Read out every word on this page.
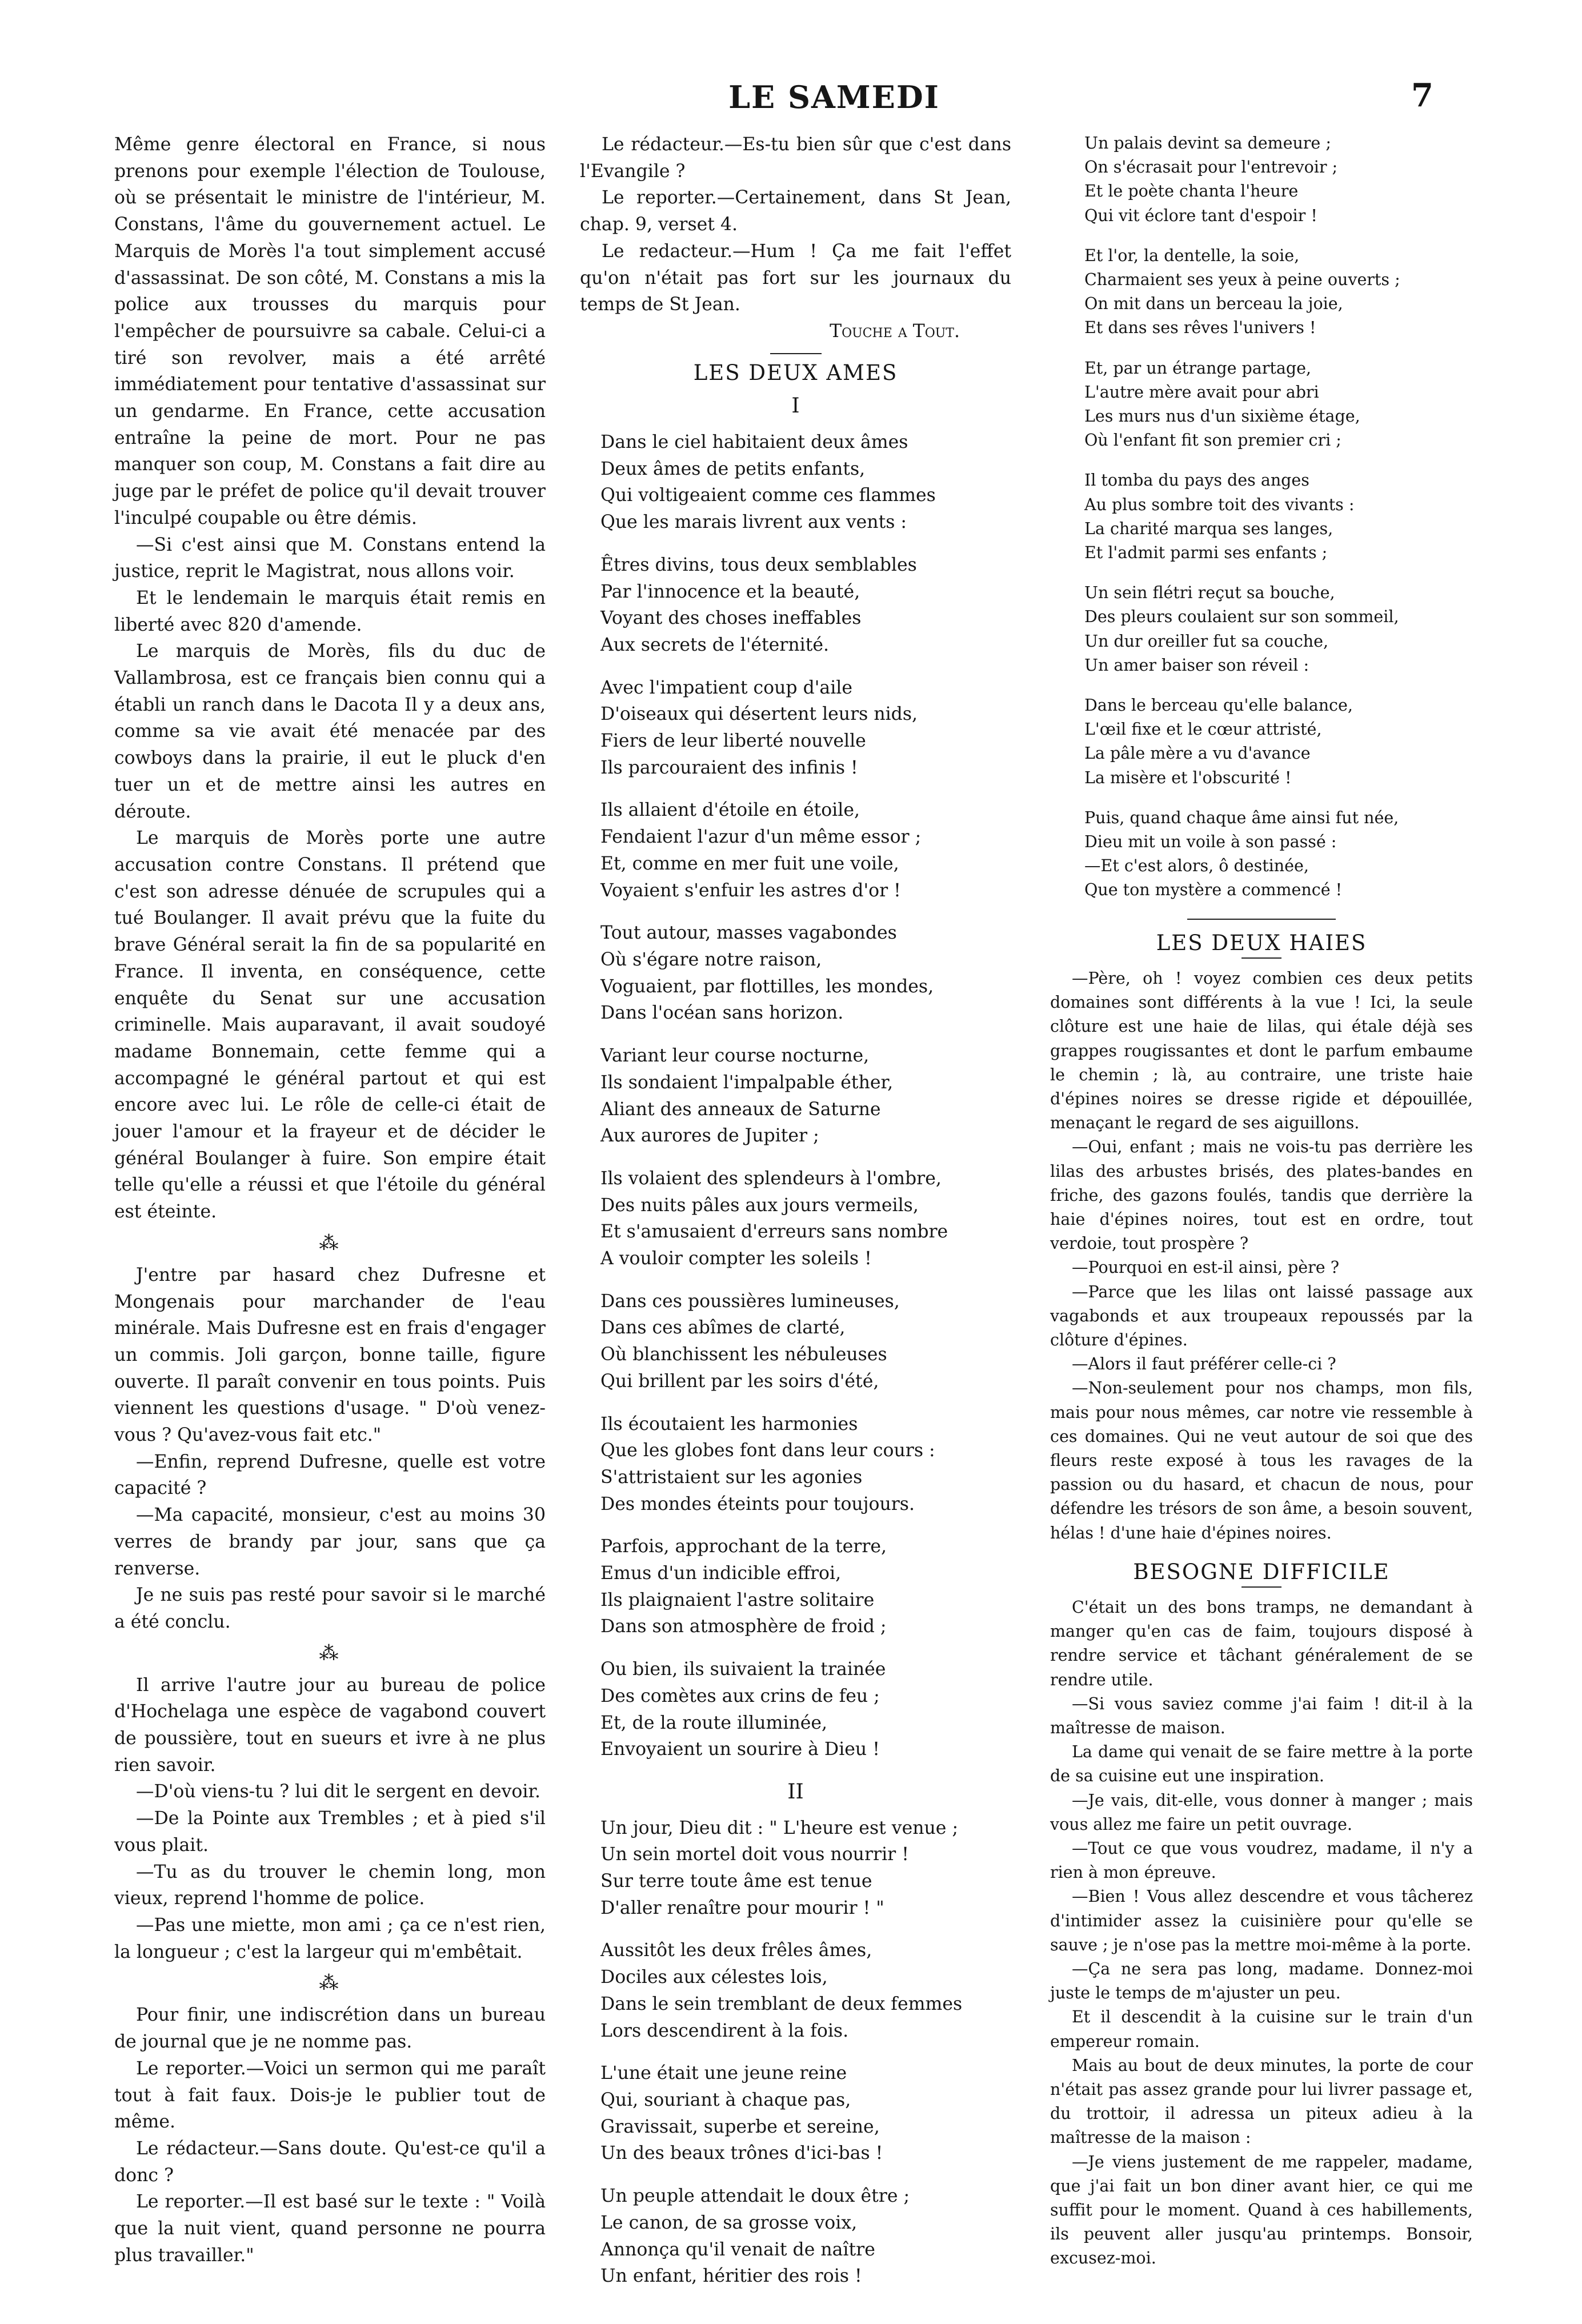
LE SAMEDI	7

Même genre électoral en France, si nous prenons pour exemple l'élection de Toulouse, où se présentait le ministre de l'intérieur, M. Constans, l'âme du gouvernement actuel. Le Marquis de Morès l'a tout simplement accusé d'assassinat. De son côté, M. Constans a mis la police aux trousses du marquis pour l'empêcher de poursuivre sa cabale. Celui-ci a tiré son revolver, mais a été arrêté immédiatement pour tentative d'assassinat sur un gendarme. En France, cette accusation entraîne la peine de mort. Pour ne pas manquer son coup, M. Constans a fait dire au juge par le préfet de police qu'il devait trouver l'inculpé coupable ou être démis.

—Si c'est ainsi que M. Constans entend la justice, reprit le Magistrat, nous allons voir.

Et le lendemain le marquis était remis en liberté avec 820 d'amende.

Le marquis de Morès, fils du duc de Vallambrosa, est ce français bien connu qui a établi un ranch dans le Dacota Il y a deux ans, comme sa vie avait été menacée par des cowboys dans la prairie, il eut le pluck d'en tuer un et de mettre ainsi les autres en déroute.

Le marquis de Morès porte une autre accusation contre Constans. Il prétend que c'est son adresse dénuée de scrupules qui a tué Boulanger. Il avait prévu que la fuite du brave Général serait la fin de sa popularité en France. Il inventa, en conséquence, cette enquête du Senat sur une accusation criminelle. Mais auparavant, il avait soudoyé madame Bonnemain, cette femme qui a accompagné le général partout et qui est encore avec lui. Le rôle de celle-ci était de jouer l'amour et la frayeur et de décider le général Boulanger à fuire. Son empire était telle qu'elle a réussi et que l'étoile du général est éteinte.

⁂

J'entre par hasard chez Dufresne et Mongenais pour marchander de l'eau minérale. Mais Dufresne est en frais d'engager un commis. Joli garçon, bonne taille, figure ouverte. Il paraît convenir en tous points. Puis viennent les questions d'usage. " D'où venez-vous ? Qu'avez-vous fait etc."

—Enfin, reprend Dufresne, quelle est votre capacité ?

—Ma capacité, monsieur, c'est au moins 30 verres de brandy par jour, sans que ça renverse.

Je ne suis pas resté pour savoir si le marché a été conclu.

⁂

Il arrive l'autre jour au bureau de police d'Hochelaga une espèce de vagabond couvert de poussière, tout en sueurs et ivre à ne plus rien savoir.

—D'où viens-tu ? lui dit le sergent en devoir.

—De la Pointe aux Trembles ; et à pied s'il vous plait.

—Tu as du trouver le chemin long, mon vieux, reprend l'homme de police.

—Pas une miette, mon ami ; ça ce n'est rien, la longueur ; c'est la largeur qui m'embêtait.

⁂

Pour finir, une indiscrétion dans un bureau de journal que je ne nomme pas.

Le reporter.—Voici un sermon qui me paraît tout à fait faux. Dois-je le publier tout de même.

Le rédacteur.—Sans doute. Qu'est-ce qu'il a donc ?

Le reporter.—Il est basé sur le texte : " Voilà que la nuit vient, quand personne ne pourra plus travailler."

Le rédacteur.—Es-tu bien sûr que c'est dans l'Evangile ?

Le reporter.—Certainement, dans St Jean, chap. 9, verset 4.

Le redacteur.—Hum ! Ça me fait l'effet qu'on n'était pas fort sur les journaux du temps de St Jean.

Touche a Tout.

LES DEUX AMES
I
Dans le ciel habitaient deux âmes
Deux âmes de petits enfants,
Qui voltigeaient comme ces flammes
Que les marais livrent aux vents :
Êtres divins, tous deux semblables
Par l'innocence et la beauté,
Voyant des choses ineffables
Aux secrets de l'éternité.
Avec l'impatient coup d'aile
D'oiseaux qui désertent leurs nids,
Fiers de leur liberté nouvelle
Ils parcouraient des infinis !
Ils allaient d'étoile en étoile,
Fendaient l'azur d'un même essor ;
Et, comme en mer fuit une voile,
Voyaient s'enfuir les astres d'or !
Tout autour, masses vagabondes
Où s'égare notre raison,
Voguaient, par flottilles, les mondes,
Dans l'océan sans horizon.
Variant leur course nocturne,
Ils sondaient l'impalpable éther,
Aliant des anneaux de Saturne
Aux aurores de Jupiter ;
Ils volaient des splendeurs à l'ombre,
Des nuits pâles aux jours vermeils,
Et s'amusaient d'erreurs sans nombre
A vouloir compter les soleils !
Dans ces poussières lumineuses,
Dans ces abîmes de clarté,
Où blanchissent les nébuleuses
Qui brillent par les soirs d'été,
Ils écoutaient les harmonies
Que les globes font dans leur cours :
S'attristaient sur les agonies
Des mondes éteints pour toujours.
Parfois, approchant de la terre,
Emus d'un indicible effroi,
Ils plaignaient l'astre solitaire
Dans son atmosphère de froid ;
Ou bien, ils suivaient la trainée
Des comètes aux crins de feu ;
Et, de la route illuminée,
Envoyaient un sourire à Dieu !
II
Un jour, Dieu dit : " L'heure est venue ;
Un sein mortel doit vous nourrir !
Sur terre toute âme est tenue
D'aller renaître pour mourir ! "
Aussitôt les deux frêles âmes,
Dociles aux célestes lois,
Dans le sein tremblant de deux femmes
Lors descendirent à la fois.
L'une était une jeune reine
Qui, souriant à chaque pas,
Gravissait, superbe et sereine,
Un des beaux trônes d'ici-bas !
Un peuple attendait le doux être ;
Le canon, de sa grosse voix,
Annonça qu'il venait de naître
Un enfant, héritier des rois !
Un palais devint sa demeure ;
On s'écrasait pour l'entrevoir ;
Et le poète chanta l'heure
Qui vit éclore tant d'espoir !
Et l'or, la dentelle, la soie,
Charmaient ses yeux à peine ouverts ;
On mit dans un berceau la joie,
Et dans ses rêves l'univers !
Et, par un étrange partage,
L'autre mère avait pour abri
Les murs nus d'un sixième étage,
Où l'enfant fit son premier cri ;
Il tomba du pays des anges
Au plus sombre toit des vivants :
La charité marqua ses langes,
Et l'admit parmi ses enfants ;
Un sein flétri reçut sa bouche,
Des pleurs coulaient sur son sommeil,
Un dur oreiller fut sa couche,
Un amer baiser son réveil :
Dans le berceau qu'elle balance,
L'œil fixe et le cœur attristé,
La pâle mère a vu d'avance
La misère et l'obscurité !
Puis, quand chaque âme ainsi fut née,
Dieu mit un voile à son passé :
—Et c'est alors, ô destinée,
Que ton mystère a commencé !
LES DEUX HAIES

—Père, oh ! voyez combien ces deux petits domaines sont différents à la vue ! Ici, la seule clôture est une haie de lilas, qui étale déjà ses grappes rougissantes et dont le parfum embaume le chemin ; là, au contraire, une triste haie d'épines noires se dresse rigide et dépouillée, menaçant le regard de ses aiguillons.

—Oui, enfant ; mais ne vois-tu pas derrière les lilas des arbustes brisés, des plates-bandes en friche, des gazons foulés, tandis que derrière la haie d'épines noires, tout est en ordre, tout verdoie, tout prospère ?

—Pourquoi en est-il ainsi, père ?

—Parce que les lilas ont laissé passage aux vagabonds et aux troupeaux repoussés par la clôture d'épines.

—Alors il faut préférer celle-ci ?

—Non-seulement pour nos champs, mon fils, mais pour nous mêmes, car notre vie ressemble à ces domaines. Qui ne veut autour de soi que des fleurs reste exposé à tous les ravages de la passion ou du hasard, et chacun de nous, pour défendre les trésors de son âme, a besoin souvent, hélas ! d'une haie d'épines noires.

BESOGNE DIFFICILE

C'était un des bons tramps, ne demandant à manger qu'en cas de faim, toujours disposé à rendre service et tâchant généralement de se rendre utile.

—Si vous saviez comme j'ai faim ! dit-il à la maîtresse de maison.

La dame qui venait de se faire mettre à la porte de sa cuisine eut une inspiration.

—Je vais, dit-elle, vous donner à manger ; mais vous allez me faire un petit ouvrage.

—Tout ce que vous voudrez, madame, il n'y a rien à mon épreuve.

—Bien ! Vous allez descendre et vous tâcherez d'intimider assez la cuisinière pour qu'elle se sauve ; je n'ose pas la mettre moi-même à la porte.

—Ça ne sera pas long, madame. Donnez-moi juste le temps de m'ajuster un peu.

Et il descendit à la cuisine sur le train d'un empereur romain.

Mais au bout de deux minutes, la porte de cour n'était pas assez grande pour lui livrer passage et, du trottoir, il adressa un piteux adieu à la maîtresse de la maison :

—Je viens justement de me rappeler, madame, que j'ai fait un bon diner avant hier, ce qui me suffit pour le moment. Quand à ces habillements, ils peuvent aller jusqu'au printemps. Bonsoir, excusez-moi.
